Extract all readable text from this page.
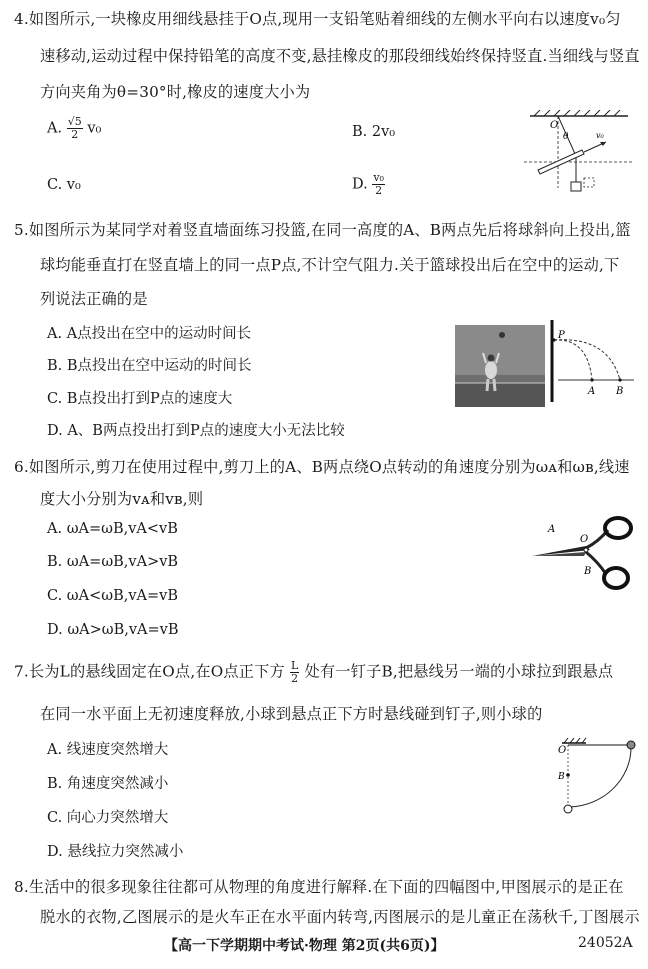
4.如图所示,一块橡皮用细线悬挂于O点,现用一支铅笔贴着细线的左侧水平向右以速度v₀匀
速移动,运动过程中保持铅笔的高度不变,悬挂橡皮的那段细线始终保持竖直.当细线与竖直
方向夹角为θ=30°时,橡皮的速度大小为
A. $\frac{√5}{2} v_0$	B. 2v₀
C. v₀	D. $\frac{\text{v₀}}{2}$
O
θ	v₀
5.如图所示为某同学对着竖直墙面练习投篮,在同一高度的A、B两点先后将球斜向上投出,篮
球均能垂直打在竖直墙上的同一点P点,不计空气阻力.关于篮球投出后在空中的运动,下
列说法正确的是
A. A点投出在空中的运动时间长
B. B点投出在空中运动的时间长
C. B点投出打到P点的速度大
D. A、B两点投出打到P点的速度大小无法比较
P
A B
6.如图所示,剪刀在使用过程中,剪刀上的A、B两点绕O点转动的角速度分别为ωᴀ和ωʙ,线速
度大小分别为vᴀ和vʙ,则
A. ωA=ωB,vA<vB
B. ωA=ωB,vA>vB
C. ωA<ωB,vA=vB
D. ωA>ωB,vA=vB
A
O
B
7.长为L的悬线固定在O点,在O点正下方 $\frac{L}{2}$ 处有一钉子B,把悬线另一端的小球拉到跟悬点
在同一水平面上无初速度释放,小球到悬点正下方时悬线碰到钉子,则小球的
A. 线速度突然增大
B. 角速度突然减小
C. 向心力突然增大
D. 悬线拉力突然减小
O
B
8.生活中的很多现象往往都可从物理的角度进行解释.在下面的四幅图中,甲图展示的是正在
脱水的衣物,乙图展示的是火车正在水平面内转弯,丙图展示的是儿童正在荡秋千,丁图展示
【高一下学期期中考试·物理 第2页(共6页)】	24052A
